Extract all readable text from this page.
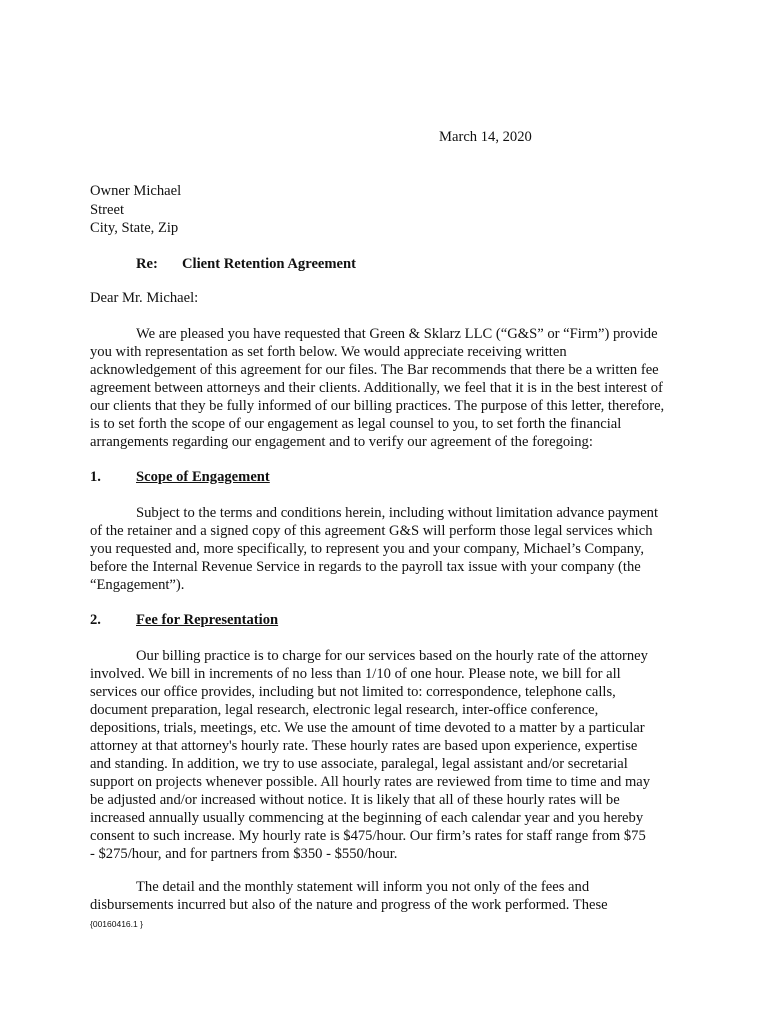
March 14, 2020
Owner Michael
Street
City, State, Zip
Re: Client Retention Agreement
Dear Mr. Michael:
We are pleased you have requested that Green & Sklarz LLC (“G&S” or “Firm”) provide
you with representation as set forth below. We would appreciate receiving written
acknowledgement of this agreement for our files. The Bar recommends that there be a written fee
agreement between attorneys and their clients. Additionally, we feel that it is in the best interest of
our clients that they be fully informed of our billing practices. The purpose of this letter, therefore,
is to set forth the scope of our engagement as legal counsel to you, to set forth the financial
arrangements regarding our engagement and to verify our agreement of the foregoing:
1. Scope of Engagement
Subject to the terms and conditions herein, including without limitation advance payment
of the retainer and a signed copy of this agreement G&S will perform those legal services which
you requested and, more specifically, to represent you and your company, Michael’s Company,
before the Internal Revenue Service in regards to the payroll tax issue with your company (the
“Engagement”).
2. Fee for Representation
Our billing practice is to charge for our services based on the hourly rate of the attorney
involved. We bill in increments of no less than 1/10 of one hour. Please note, we bill for all
services our office provides, including but not limited to: correspondence, telephone calls,
document preparation, legal research, electronic legal research, inter-office conference,
depositions, trials, meetings, etc. We use the amount of time devoted to a matter by a particular
attorney at that attorney's hourly rate. These hourly rates are based upon experience, expertise
and standing. In addition, we try to use associate, paralegal, legal assistant and/or secretarial
support on projects whenever possible. All hourly rates are reviewed from time to time and may
be adjusted and/or increased without notice. It is likely that all of these hourly rates will be
increased annually usually commencing at the beginning of each calendar year and you hereby
consent to such increase. My hourly rate is $475/hour. Our firm’s rates for staff range from $75
- $275/hour, and for partners from $350 - $550/hour.
The detail and the monthly statement will inform you not only of the fees and
disbursements incurred but also of the nature and progress of the work performed. These
{00160416.1 }
